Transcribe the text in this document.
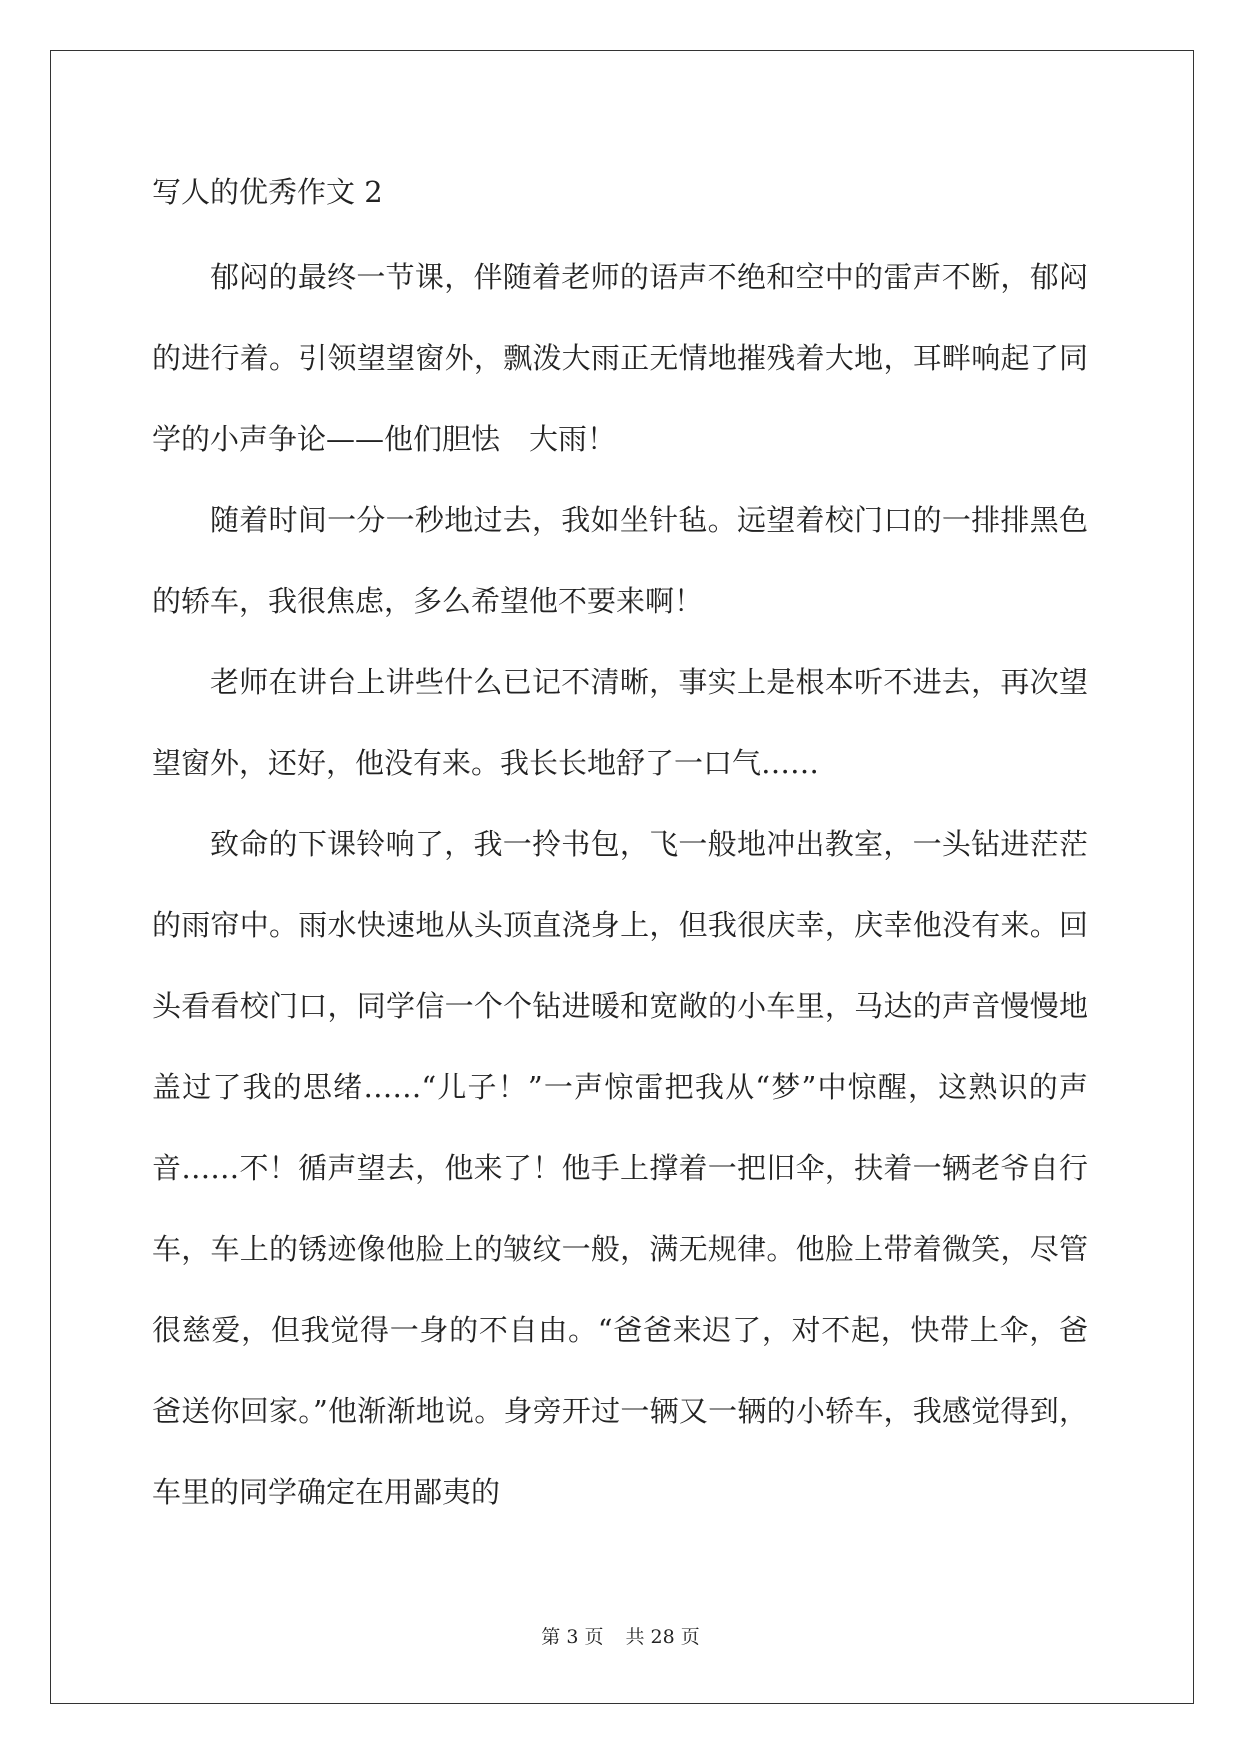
写人的优秀作文 2

郁闷的最终一节课，伴随着老师的语声不绝和空中的雷声不断，郁闷的进行着。引领望望窗外，飘泼大雨正无情地摧残着大地，耳畔响起了同学的小声争论——他们胆怯　大雨！

随着时间一分一秒地过去，我如坐针毡。远望着校门口的一排排黑色的轿车，我很焦虑，多么希望他不要来啊！

老师在讲台上讲些什么已记不清晰，事实上是根本听不进去，再次望望窗外，还好，他没有来。我长长地舒了一口气……

致命的下课铃响了，我一拎书包，飞一般地冲出教室，一头钻进茫茫的雨帘中。雨水快速地从头顶直浇身上，但我很庆幸，庆幸他没有来。回头看看校门口，同学信一个个钻进暖和宽敞的小车里，马达的声音慢慢地盖过了我的思绪……“儿子！”一声惊雷把我从“梦”中惊醒，这熟识的声音……不！循声望去，他来了！他手上撑着一把旧伞，扶着一辆老爷自行车，车上的锈迹像他脸上的皱纹一般，满无规律。他脸上带着微笑，尽管很慈爱，但我觉得一身的不自由。“爸爸来迟了，对不起，快带上伞，爸爸送你回家。”他渐渐地说。身旁开过一辆又一辆的小轿车，我感觉得到，车里的同学确定在用鄙夷的

第 3 页 共 28 页
